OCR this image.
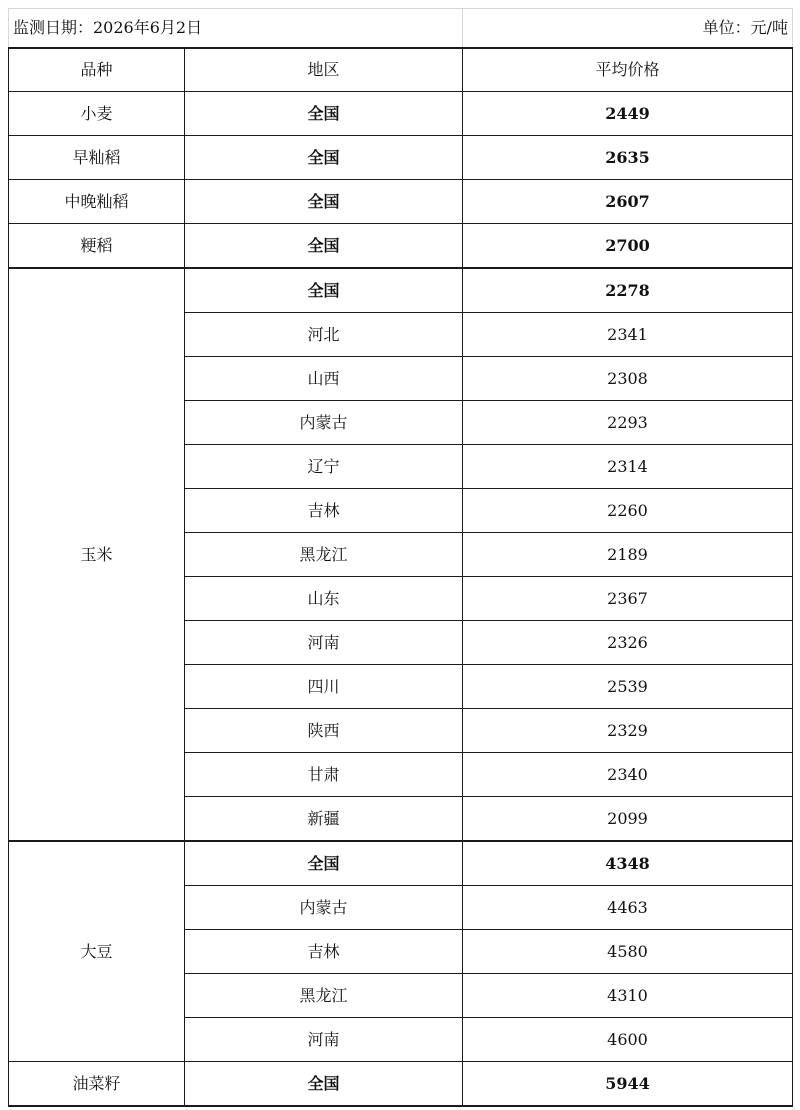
监测日期：2026年6月2日		单位：元/吨
品种	地区	平均价格
小麦	全国	2449
早籼稻	全国	2635
中晚籼稻	全国	2607
粳稻	全国	2700
玉米	全国	2278
	河北	2341
	山西	2308
	内蒙古	2293
	辽宁	2314
	吉林	2260
	黑龙江	2189
	山东	2367
	河南	2326
	四川	2539
	陕西	2329
	甘肃	2340
	新疆	2099
大豆	全国	4348
	内蒙古	4463
	吉林	4580
	黑龙江	4310
	河南	4600
油菜籽	全国	5944
